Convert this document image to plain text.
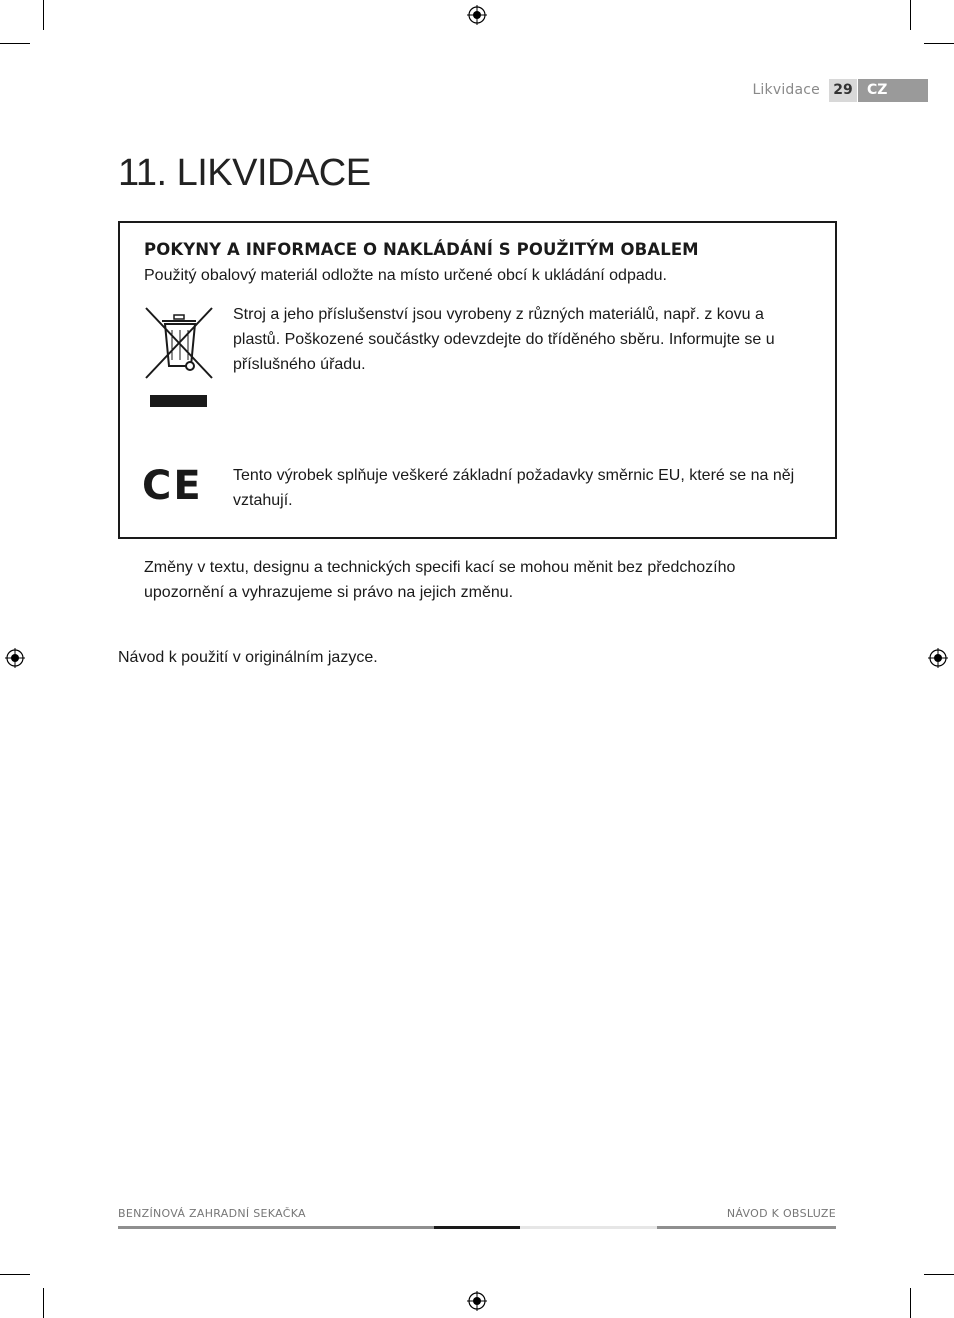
Likvidace 29	CZ
11. LIKVIDACE
POKYNY A INFORMACE O NAKLÁDÁNÍ S POUŽITÝM OBALEM
Použitý obalový materiál odložte na místo určené obcí k ukládání odpadu.
Stroj a jeho příslušenství jsou vyrobeny z různých materiálů, např. z kovu a
plastů. Poškozené součástky odevzdejte do tříděného sběru. Informujte se u
příslušného úřadu.
CE Tento výrobek splňuje veškeré základní požadavky směrnic EU, které se na něj
vztahují.
Změny v textu, designu a technických specifi kací se mohou měnit bez předchozího
upozornění a vyhrazujeme si právo na jejich změnu.
Návod k použití v originálním jazyce.
BENZÍNOVÁ ZAHRADNÍ SEKAČKA	NÁVOD K OBSLUZE
